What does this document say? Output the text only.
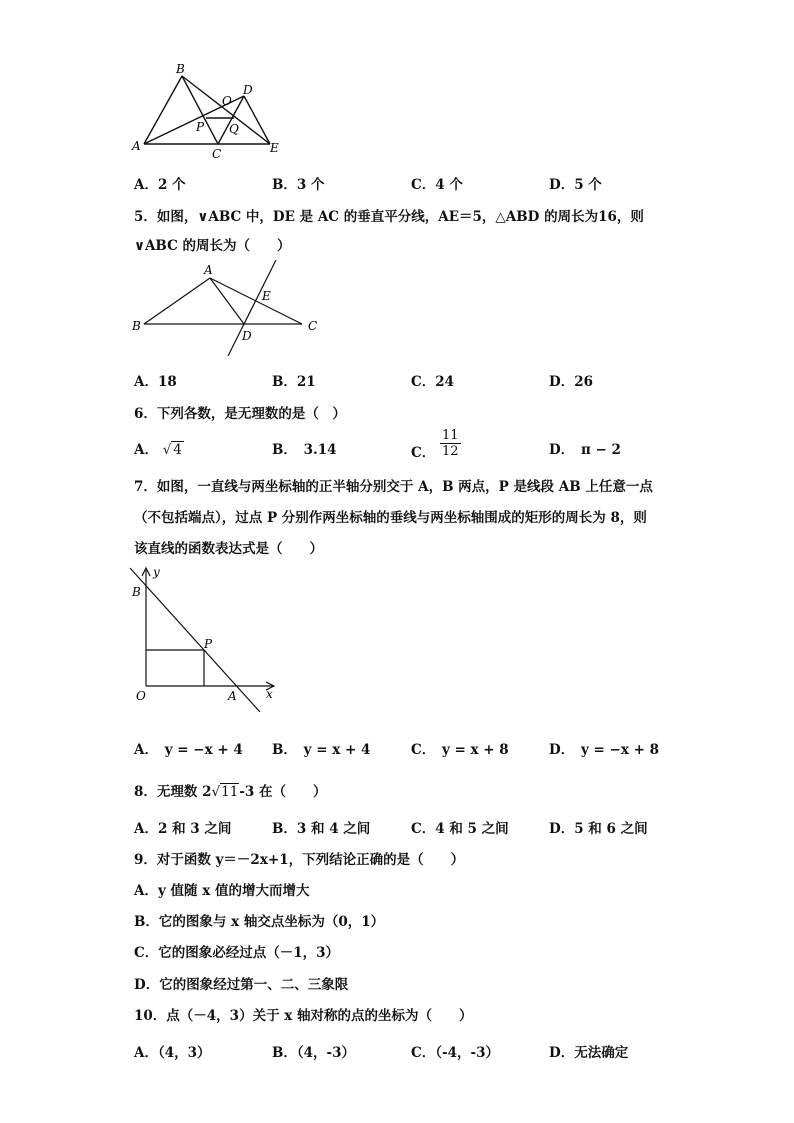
B
O
D
P Q
A
C	E
A．2 个	B．3 个	C．4 个	D．5 个
5．如图，∨ABC 中，DE 是 AC 的垂直平分线，AE＝5，△ABD 的周长为16，则
∨ABC 的周长为（　　）
A
E
B	C
D
A．18	B．21	C．24	D．26
6．下列各数，是无理数的是（　）
A． √ 4	B．　3.14	C． $\frac{11}{12}$	D．　π − 2
7．如图，一直线与两坐标轴的正半轴分别交于 A，B 两点，P 是线段 AB 上任意一点
（不包括端点），过点 P 分别作两坐标轴的垂线与两坐标轴围成的矩形的周长为 8，则
该直线的函数表达式是（　　）
y
B
P
O	A x
A．　y = −x + 4 B．　y = x + 4	C．　y = x + 8	D．　y = −x + 8
8．无理数 2√11-3 在（　　）
A．2 和 3 之间	B．3 和 4 之间	C．4 和 5 之间	D．5 和 6 之间
9．对于函数 y＝－2x+1，下列结论正确的是（　　）
A．y 值随 x 值的增大而增大
B．它的图象与 x 轴交点坐标为（0，1）
C．它的图象必经过点（－1，3）
D．它的图象经过第一、二、三象限
10．点（－4，3）关于 x 轴对称的点的坐标为（　　）
A．（4，3）	B．（4，-3）	C．（-4，-3）	D．无法确定
